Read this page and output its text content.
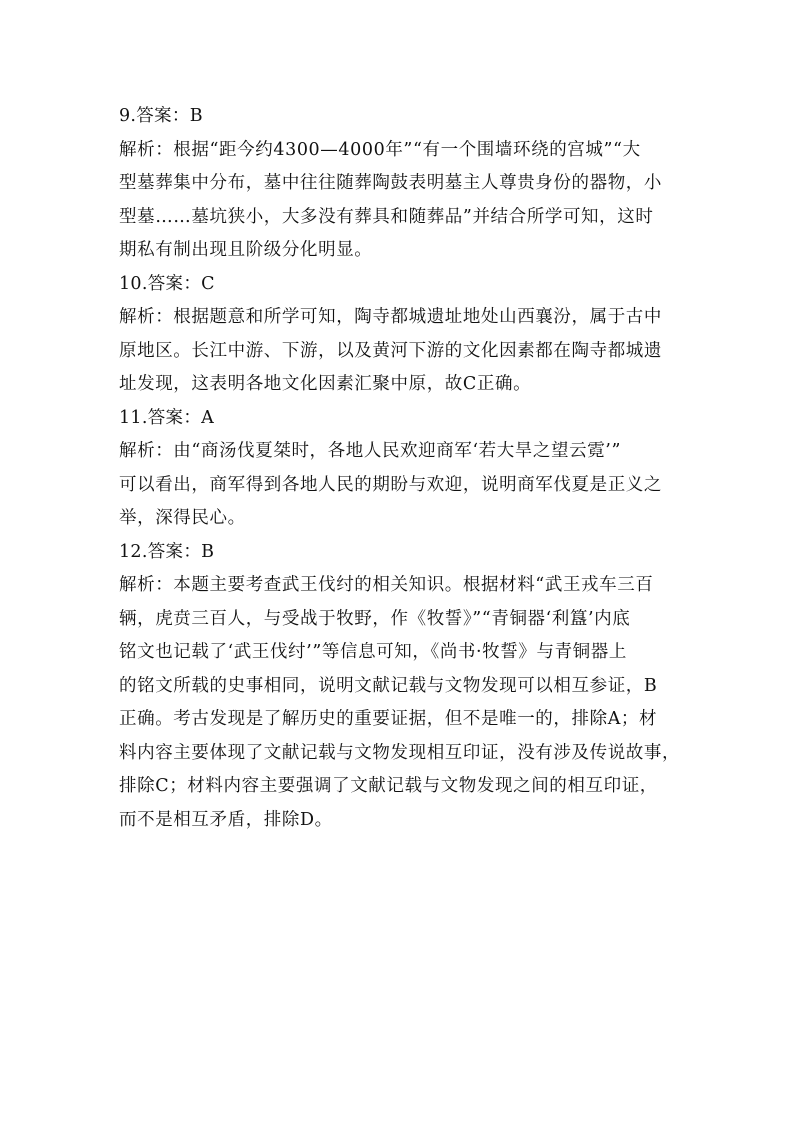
9.答案：B
解析：根据“距今约4300—4000年”“有一个围墙环绕的宫城”“大
型墓葬集中分布，墓中往往随葬陶鼓表明墓主人尊贵身份的器物，小
型墓……墓坑狭小，大多没有葬具和随葬品”并结合所学可知，这时
期私有制出现且阶级分化明显。
10.答案：C
解析：根据题意和所学可知，陶寺都城遗址地处山西襄汾，属于古中
原地区。长江中游、下游，以及黄河下游的文化因素都在陶寺都城遗
址发现，这表明各地文化因素汇聚中原，故C正确。
11.答案：A
解析：由“商汤伐夏桀时，各地人民欢迎商军‘若大旱之望云霓’”
可以看出，商军得到各地人民的期盼与欢迎，说明商军伐夏是正义之
举，深得民心。
12.答案：B
解析：本题主要考查武王伐纣的相关知识。根据材料“武王戎车三百
辆，虎贲三百人，与受战于牧野，作《牧誓》”“青铜器‘利簋’内底
铭文也记载了‘武王伐纣’”等信息可知，《尚书·牧誓》与青铜器上
的铭文所载的史事相同，说明文献记载与文物发现可以相互参证，B
正确。考古发现是了解历史的重要证据，但不是唯一的，排除A；材
料内容主要体现了文献记载与文物发现相互印证，没有涉及传说故事，
排除C；材料内容主要强调了文献记载与文物发现之间的相互印证，
而不是相互矛盾，排除D。
